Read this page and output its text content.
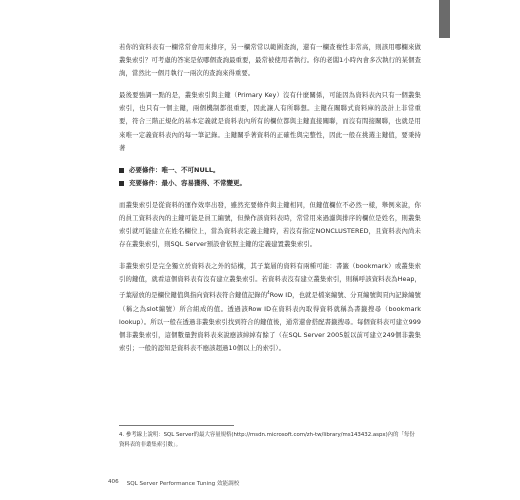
若你的資料表有一欄常常會用來排序，另一欄常常以範圍查詢，還有一欄查複性非常高，則該用哪欄來做叢集索引？可考慮的答案是依哪個查詢最重要，最常被使用者執行。你的老闆1小時內會多次執行的某個查詢，當然比一個月執行一兩次的查詢來得重要。

最後要強調一點的是，叢集索引與主鍵（Primary Key）沒有什麼關係，可能因為資料表內只有一個叢集索引，也只有一個主鍵，兩個機制都很重要，因此讓人有所聯想。主鍵在關聯式資料庫的設計上非常重要，符合三階正規化的基本定義就是資料表內所有的欄位都與主鍵直接關聯，而沒有間接關聯，也就是用來唯一定義資料表內的每一筆記錄。主鍵關乎著資料的正確性與完整性，因此一般在挑選主鍵值，要秉持著

必要條件：唯一、不可NULL。
充要條件：最小、容易獲得、不常變更。

而叢集索引是從資料的運作效率出發，雖然充要條件與主鍵相同，但鍵值欄位不必然一樣，舉例來說，你的員工資料表內的主鍵可能是員工編號，但操作該資料表時，常常用來過濾與排序的欄位是姓名，則叢集索引就可能建立在姓名欄位上，當為資料表定義主鍵時，若沒有指定NONCLUSTERED，且資料表內尚未存在叢集索引，則SQL Server預設會依照主鍵的定義建置叢集索引。

非叢集索引是完全獨立於資料表之外的結構，其子葉層的資料有兩種可能：書籤（bookmark）或叢集索引的鍵值，就看這個資料表有沒有建立叢集索引。若資料表沒有建立叢集索引，則稱呼該資料表為Heap，子葉層放的是欄位鍵值與指向資料表符合鍵值記錄的$^4$Row ID，也就是檔案編號、分頁編號與頁內記錄編號（稱之為slot編號）所合組成的值。透過該Row ID在資料表內取得資料就稱為書籤搜尋（bookmark lookup）。所以一般在透過非叢集索引找到符合的鍵值後，通常還會搭配書籤搜尋。每個資料表可建立999個非叢集索引，這個數量對資料表來說應該綽綽有餘了（在SQL Server 2005版以前可建立249個非叢集索引；一般的認知是資料表不應該超過10個以上的索引）。

4. 參考線上說明：SQL Server的最大容量規格(http://msdn.microsoft.com/zh-tw/library/ms143432.aspx)內的「每份資料表的非叢集索引數」。
406 SQL Server Performance Tuning 效能調校
